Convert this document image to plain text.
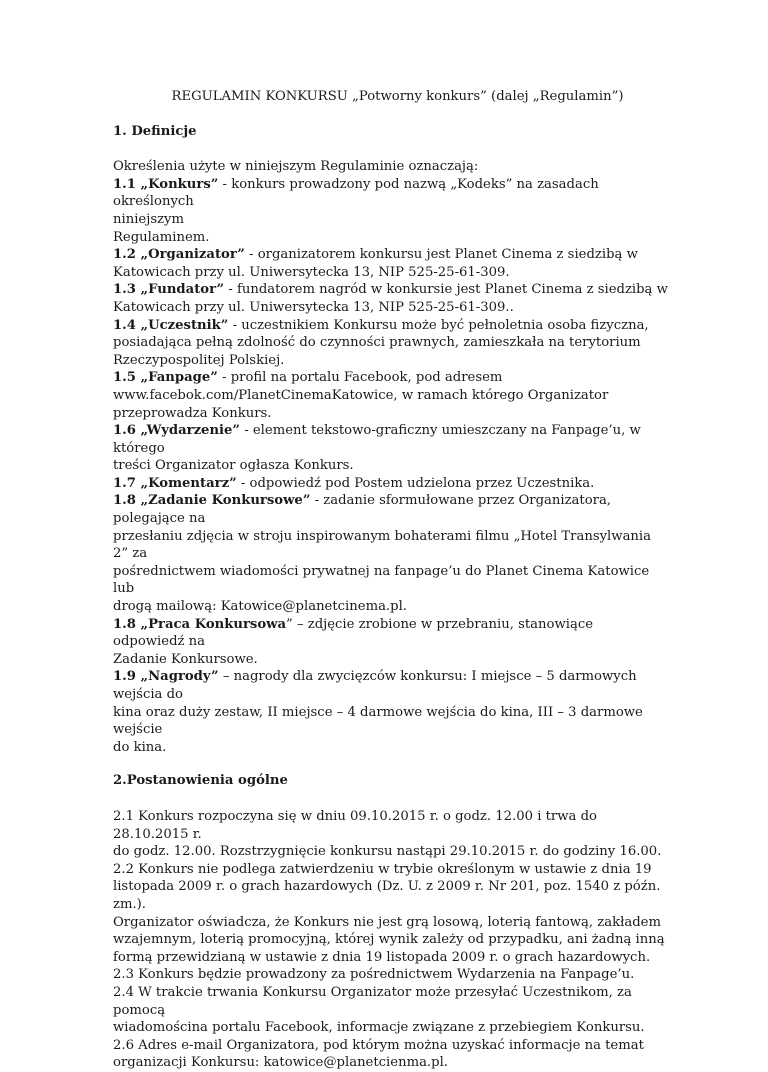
REGULAMIN KONKURSU „Potworny konkurs” (dalej „Regulamin”)

1. Definicje

Określenia użyte w niniejszym Regulaminie oznaczają:

1.1 „Konkurs” - konkurs prowadzony pod nazwą „Kodeks” na zasadach określonych

niniejszym

Regulaminem.

1.2 „Organizator” - organizatorem konkursu jest Planet Cinema z siedzibą w

Katowicach przy ul. Uniwersytecka 13, NIP 525-25-61-309.

1.3 „Fundator” - fundatorem nagród w konkursie jest Planet Cinema z siedzibą w

Katowicach przy ul. Uniwersytecka 13, NIP 525-25-61-309..

1.4 „Uczestnik” - uczestnikiem Konkursu może być pełnoletnia osoba fizyczna,

posiadająca pełną zdolność do czynności prawnych, zamieszkała na terytorium

Rzeczypospolitej Polskiej.

1.5 „Fanpage” - profil na portalu Facebook, pod adresem

www.facebok.com/PlanetCinemaKatowice, w ramach którego Organizator

przeprowadza Konkurs.

1.6 „Wydarzenie” - element tekstowo-graficzny umieszczany na Fanpage’u, w którego

treści Organizator ogłasza Konkurs.

1.7 „Komentarz” - odpowiedź pod Postem udzielona przez Uczestnika.

1.8 „Zadanie Konkursowe” - zadanie sformułowane przez Organizatora, polegające na

przesłaniu zdjęcia w stroju inspirowanym bohaterami filmu „Hotel Transylwania 2” za

pośrednictwem wiadomości prywatnej na fanpage’u do Planet Cinema Katowice lub

drogą mailową: Katowice@planetcinema.pl.

1.8 „Praca Konkursowa” – zdjęcie zrobione w przebraniu, stanowiące odpowiedź na

Zadanie Konkursowe.

1.9 „Nagrody” – nagrody dla zwycięzców konkursu: I miejsce – 5 darmowych wejścia do

kina oraz duży zestaw, II miejsce – 4 darmowe wejścia do kina, III – 3 darmowe wejście

do kina.

2.Postanowienia ogólne

2.1 Konkurs rozpoczyna się w dniu 09.10.2015 r. o godz. 12.00 i trwa do 28.10.2015 r.

do godz. 12.00. Rozstrzygnięcie konkursu nastąpi 29.10.2015 r. do godziny 16.00.

2.2 Konkurs nie podlega zatwierdzeniu w trybie określonym w ustawie z dnia 19

listopada 2009 r. o grach hazardowych (Dz. U. z 2009 r. Nr 201, poz. 1540 z późn. zm.).

Organizator oświadcza, że Konkurs nie jest grą losową, loterią fantową, zakładem

wzajemnym, loterią promocyjną, której wynik zależy od przypadku, ani żadną inną

formą przewidzianą w ustawie z dnia 19 listopada 2009 r. o grach hazardowych.

2.3 Konkurs będzie prowadzony za pośrednictwem Wydarzenia na Fanpage’u.

2.4 W trakcie trwania Konkursu Organizator może przesyłać Uczestnikom, za pomocą

wiadomościna portalu Facebook, informacje związane z przebiegiem Konkursu.

2.6 Adres e-mail Organizatora, pod którym można uzyskać informacje na temat

organizacji Konkursu: katowice@planetcienma.pl.
